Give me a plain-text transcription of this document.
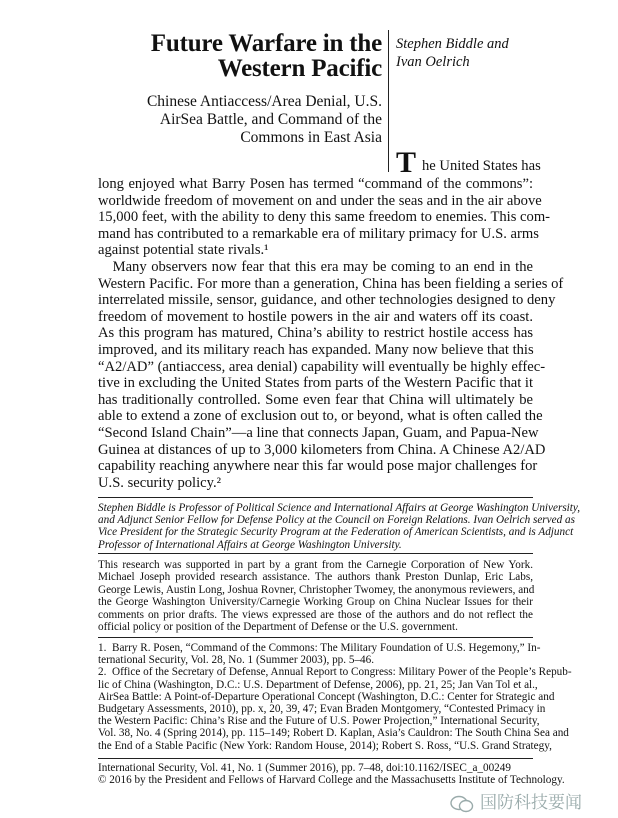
Future Warfare in the
Western Pacific
Stephen Biddle and
Ivan Oelrich
Chinese Antiaccess/Area Denial, U.S.
AirSea Battle, and Command of the
Commons in East Asia
T he United States has
long enjoyed what Barry Posen has termed “command of the commons”:
worldwide freedom of movement on and under the seas and in the air above
15,000 feet, with the ability to deny this same freedom to enemies. This com-
mand has contributed to a remarkable era of military primacy for U.S. arms
against potential state rivals.¹
 Many observers now fear that this era may be coming to an end in the
Western Pacific. For more than a generation, China has been fielding a series of
interrelated missile, sensor, guidance, and other technologies designed to deny
freedom of movement to hostile powers in the air and waters off its coast.
As this program has matured, China’s ability to restrict hostile access has
improved, and its military reach has expanded. Many now believe that this
“A2/AD” (antiaccess, area denial) capability will eventually be highly effec-
tive in excluding the United States from parts of the Western Pacific that it
has traditionally controlled. Some even fear that China will ultimately be
able to extend a zone of exclusion out to, or beyond, what is often called the
“Second Island Chain”—a line that connects Japan, Guam, and Papua-New
Guinea at distances of up to 3,000 kilometers from China. A Chinese A2/AD
capability reaching anywhere near this far would pose major challenges for
U.S. security policy.²
Stephen Biddle is Professor of Political Science and International Affairs at George Washington University,
and Adjunct Senior Fellow for Defense Policy at the Council on Foreign Relations. Ivan Oelrich served as
Vice President for the Strategic Security Program at the Federation of American Scientists, and is Adjunct
Professor of International Affairs at George Washington University.
This research was supported in part by a grant from the Carnegie Corporation of New York.
Michael Joseph provided research assistance. The authors thank Preston Dunlap, Eric Labs,
George Lewis, Austin Long, Joshua Rovner, Christopher Twomey, the anonymous reviewers, and
the George Washington University/Carnegie Working Group on China Nuclear Issues for their
comments on prior drafts. The views expressed are those of the authors and do not reflect the
official policy or position of the Department of Defense or the U.S. government.
1. Barry R. Posen, “Command of the Commons: The Military Foundation of U.S. Hegemony,” In-
ternational Security, Vol. 28, No. 1 (Summer 2003), pp. 5–46.
2. Office of the Secretary of Defense, Annual Report to Congress: Military Power of the People’s Repub-
lic of China (Washington, D.C.: U.S. Department of Defense, 2006), pp. 21, 25; Jan Van Tol et al.,
AirSea Battle: A Point-of-Departure Operational Concept (Washington, D.C.: Center for Strategic and
Budgetary Assessments, 2010), pp. x, 20, 39, 47; Evan Braden Montgomery, “Contested Primacy in
the Western Pacific: China’s Rise and the Future of U.S. Power Projection,” International Security,
Vol. 38, No. 4 (Spring 2014), pp. 115–149; Robert D. Kaplan, Asia’s Cauldron: The South China Sea and
the End of a Stable Pacific (New York: Random House, 2014); Robert S. Ross, “U.S. Grand Strategy,
International Security, Vol. 41, No. 1 (Summer 2016), pp. 7–48, doi:10.1162/ISEC_a_00249
© 2016 by the President and Fellows of Harvard College and the Massachusetts Institute of Technology.
国防科技要闻
